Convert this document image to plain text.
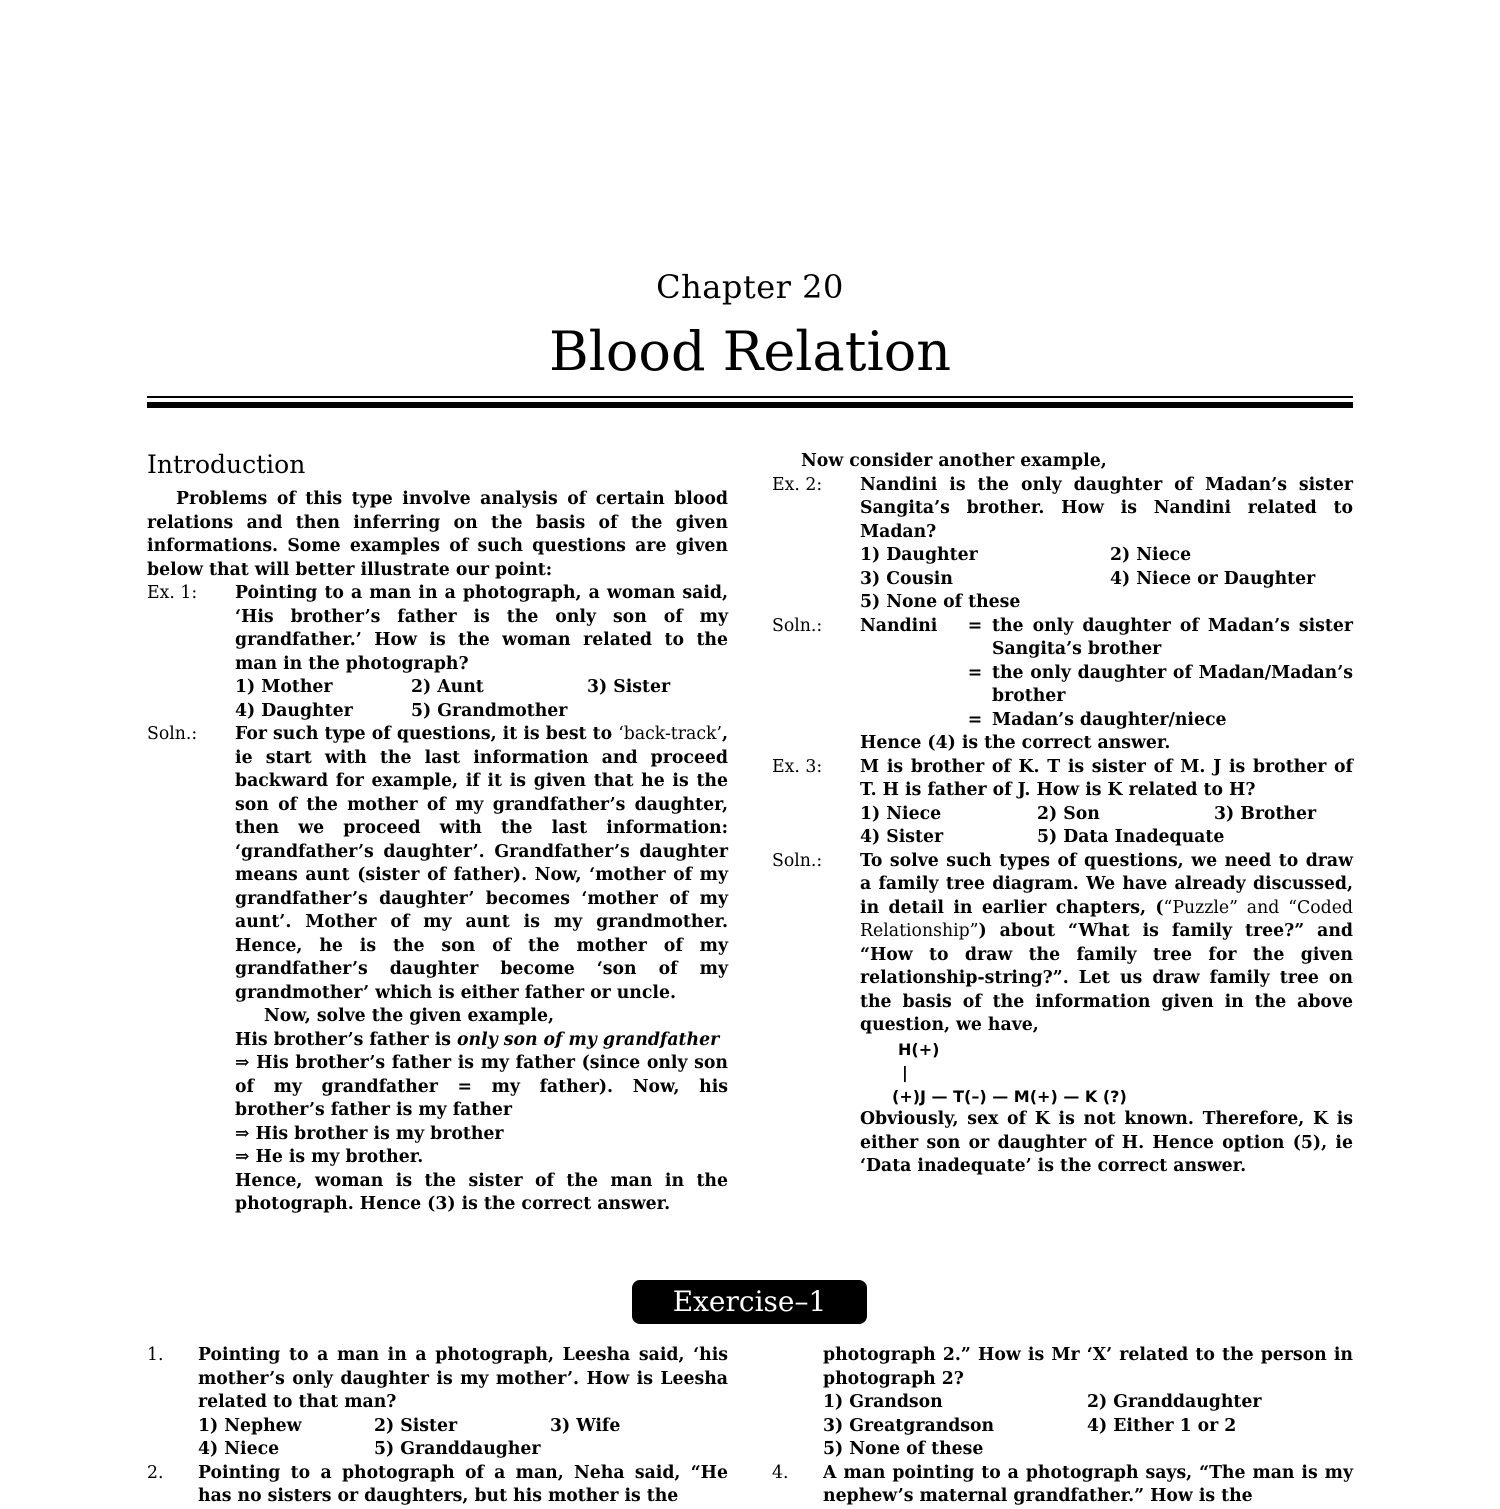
Chapter 20
Blood Relation
Introduction

Problems of this type involve analysis of certain blood relations and then inferring on the basis of the given informations. Some examples of such questions are given below that will better illustrate our point:

Ex. 1:	Pointing to a man in a photograph, a woman said, ‘His brother’s father is the only son of my grandfather.’ How is the woman related to the man in the photograph?
1) Mother	2) Aunt	3) Sister
4) Daughter	5) Grandmother
Soln.:	For such type of questions, it is best to ‘back-track’, ie start with the last information and proceed backward for example, if it is given that he is the son of the mother of my grandfather’s daughter, then we proceed with the last information: ‘grandfather’s daughter’. Grandfather’s daughter means aunt (sister of father). Now, ‘mother of my grandfather’s daughter’ becomes ‘mother of my aunt’. Mother of my aunt is my grandmother. Hence, he is the son of the mother of my grandfather’s daughter become ‘son of my grandmother’ which is either father or uncle.
Now, solve the given example,
His brother’s father is only son of my grandfather
⇒ His brother’s father is my father (since only son of my grandfather = my father). Now, his brother’s father is my father
⇒ His brother is my brother
⇒ He is my brother.
Hence, woman is the sister of the man in the photograph. Hence (3) is the correct answer.
Now consider another example,
Ex. 2:	Nandini is the only daughter of Madan’s sister Sangita’s brother. How is Nandini related to Madan?
1) Daughter	2) Niece
3) Cousin	4) Niece or Daughter
5) None of these
Soln.:	Nandini	= the only daughter of Madan’s sister Sangita’s brother
= the only daughter of Madan/Madan’s brother
= Madan’s daughter/niece
Hence (4) is the correct answer.
Ex. 3:	M is brother of K. T is sister of M. J is brother of T. H is father of J. How is K related to H?
1) Niece	2) Son	3) Brother
4) Sister	5) Data Inadequate
Soln.:	To solve such types of questions, we need to draw a family tree diagram. We have already discussed, in detail in earlier chapters, (“Puzzle” and “Coded Relationship”) about “What is family tree?” and “How to draw the family tree for the given relationship-string?”. Let us draw family tree on the basis of the information given in the above question, we have,
H(+)
|
(+)J — T(–) — M(+) — K (?)
Obviously, sex of K is not known. Therefore, K is either son or daughter of H. Hence option (5), ie ‘Data inadequate’ is the correct answer.
Exercise–1
1.	Pointing to a man in a photograph, Leesha said, ‘his mother’s only daughter is my mother’. How is Leesha related to that man?
1) Nephew	2) Sister	3) Wife
4) Niece	5) Granddaugher
2.	Pointing to a photograph of a man, Neha said, “He has no sisters or daughters, but his mother is the
photograph 2.” How is Mr ‘X’ related to the person in photograph 2?
1) Grandson	2) Granddaughter
3) Greatgrandson	4) Either 1 or 2
5) None of these
4.	A man pointing to a photograph says, “The man is my nephew’s maternal grandfather.” How is the
